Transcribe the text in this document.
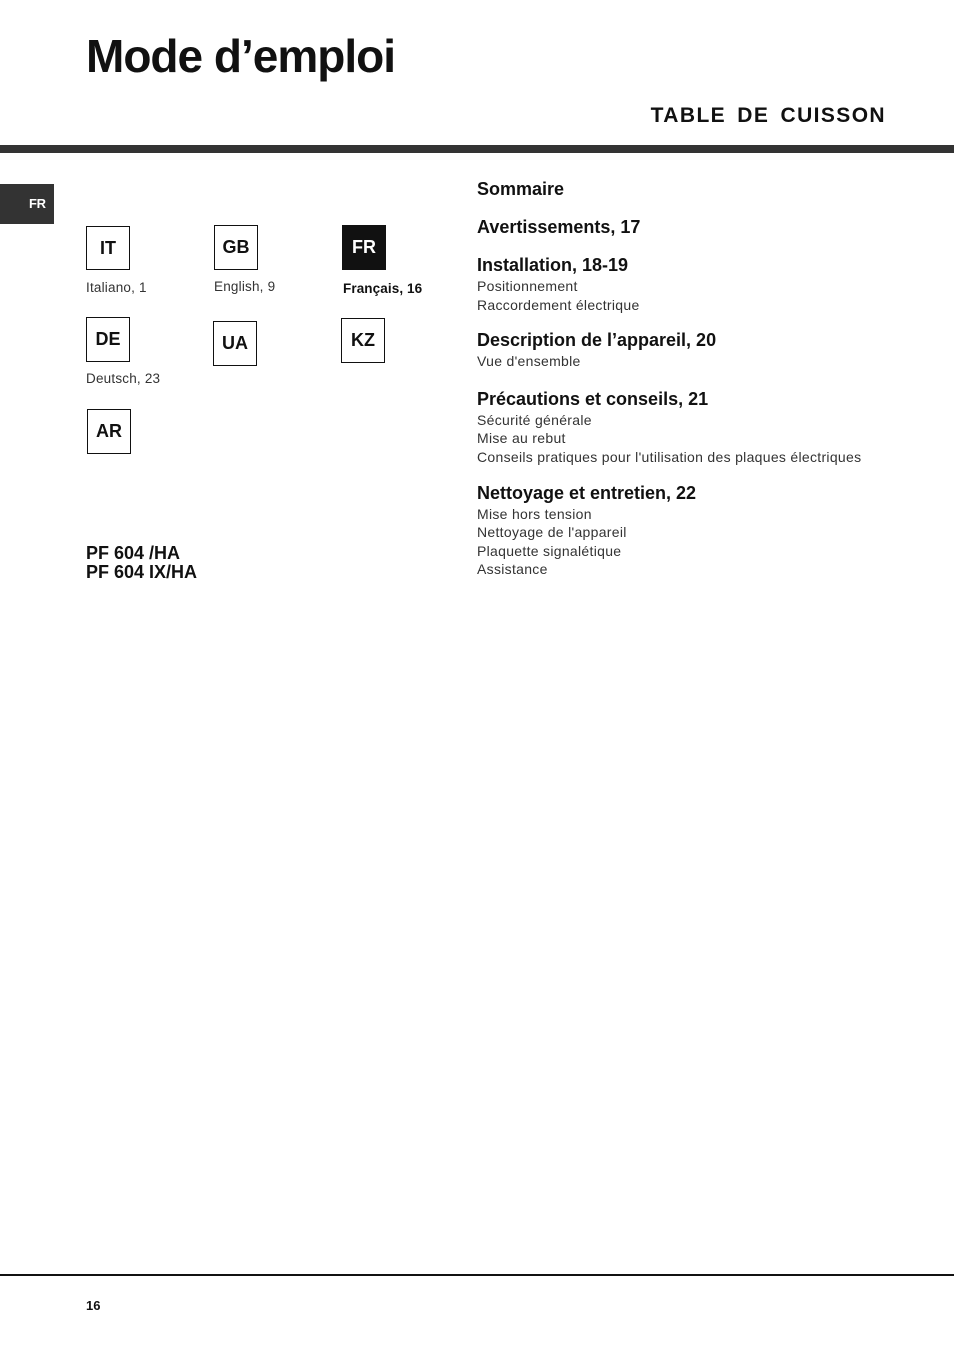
Mode d’emploi
TABLE DE CUISSON
FR
IT
Italiano, 1
GB
English, 9
FR
Français, 16
DE
Deutsch, 23
UA	KZ
AR
PF 604 /HA
PF 604 IX/HA
Sommaire
Avertissements, 17
Installation, 18-19
Positionnement
Raccordement électrique
Description de l’appareil, 20
Vue d'ensemble
Précautions et conseils, 21
Sécurité générale
Mise au rebut
Conseils pratiques pour l'utilisation des plaques électriques
Nettoyage et entretien, 22
Mise hors tension
Nettoyage de l'appareil
Plaquette signalétique
Assistance
16
